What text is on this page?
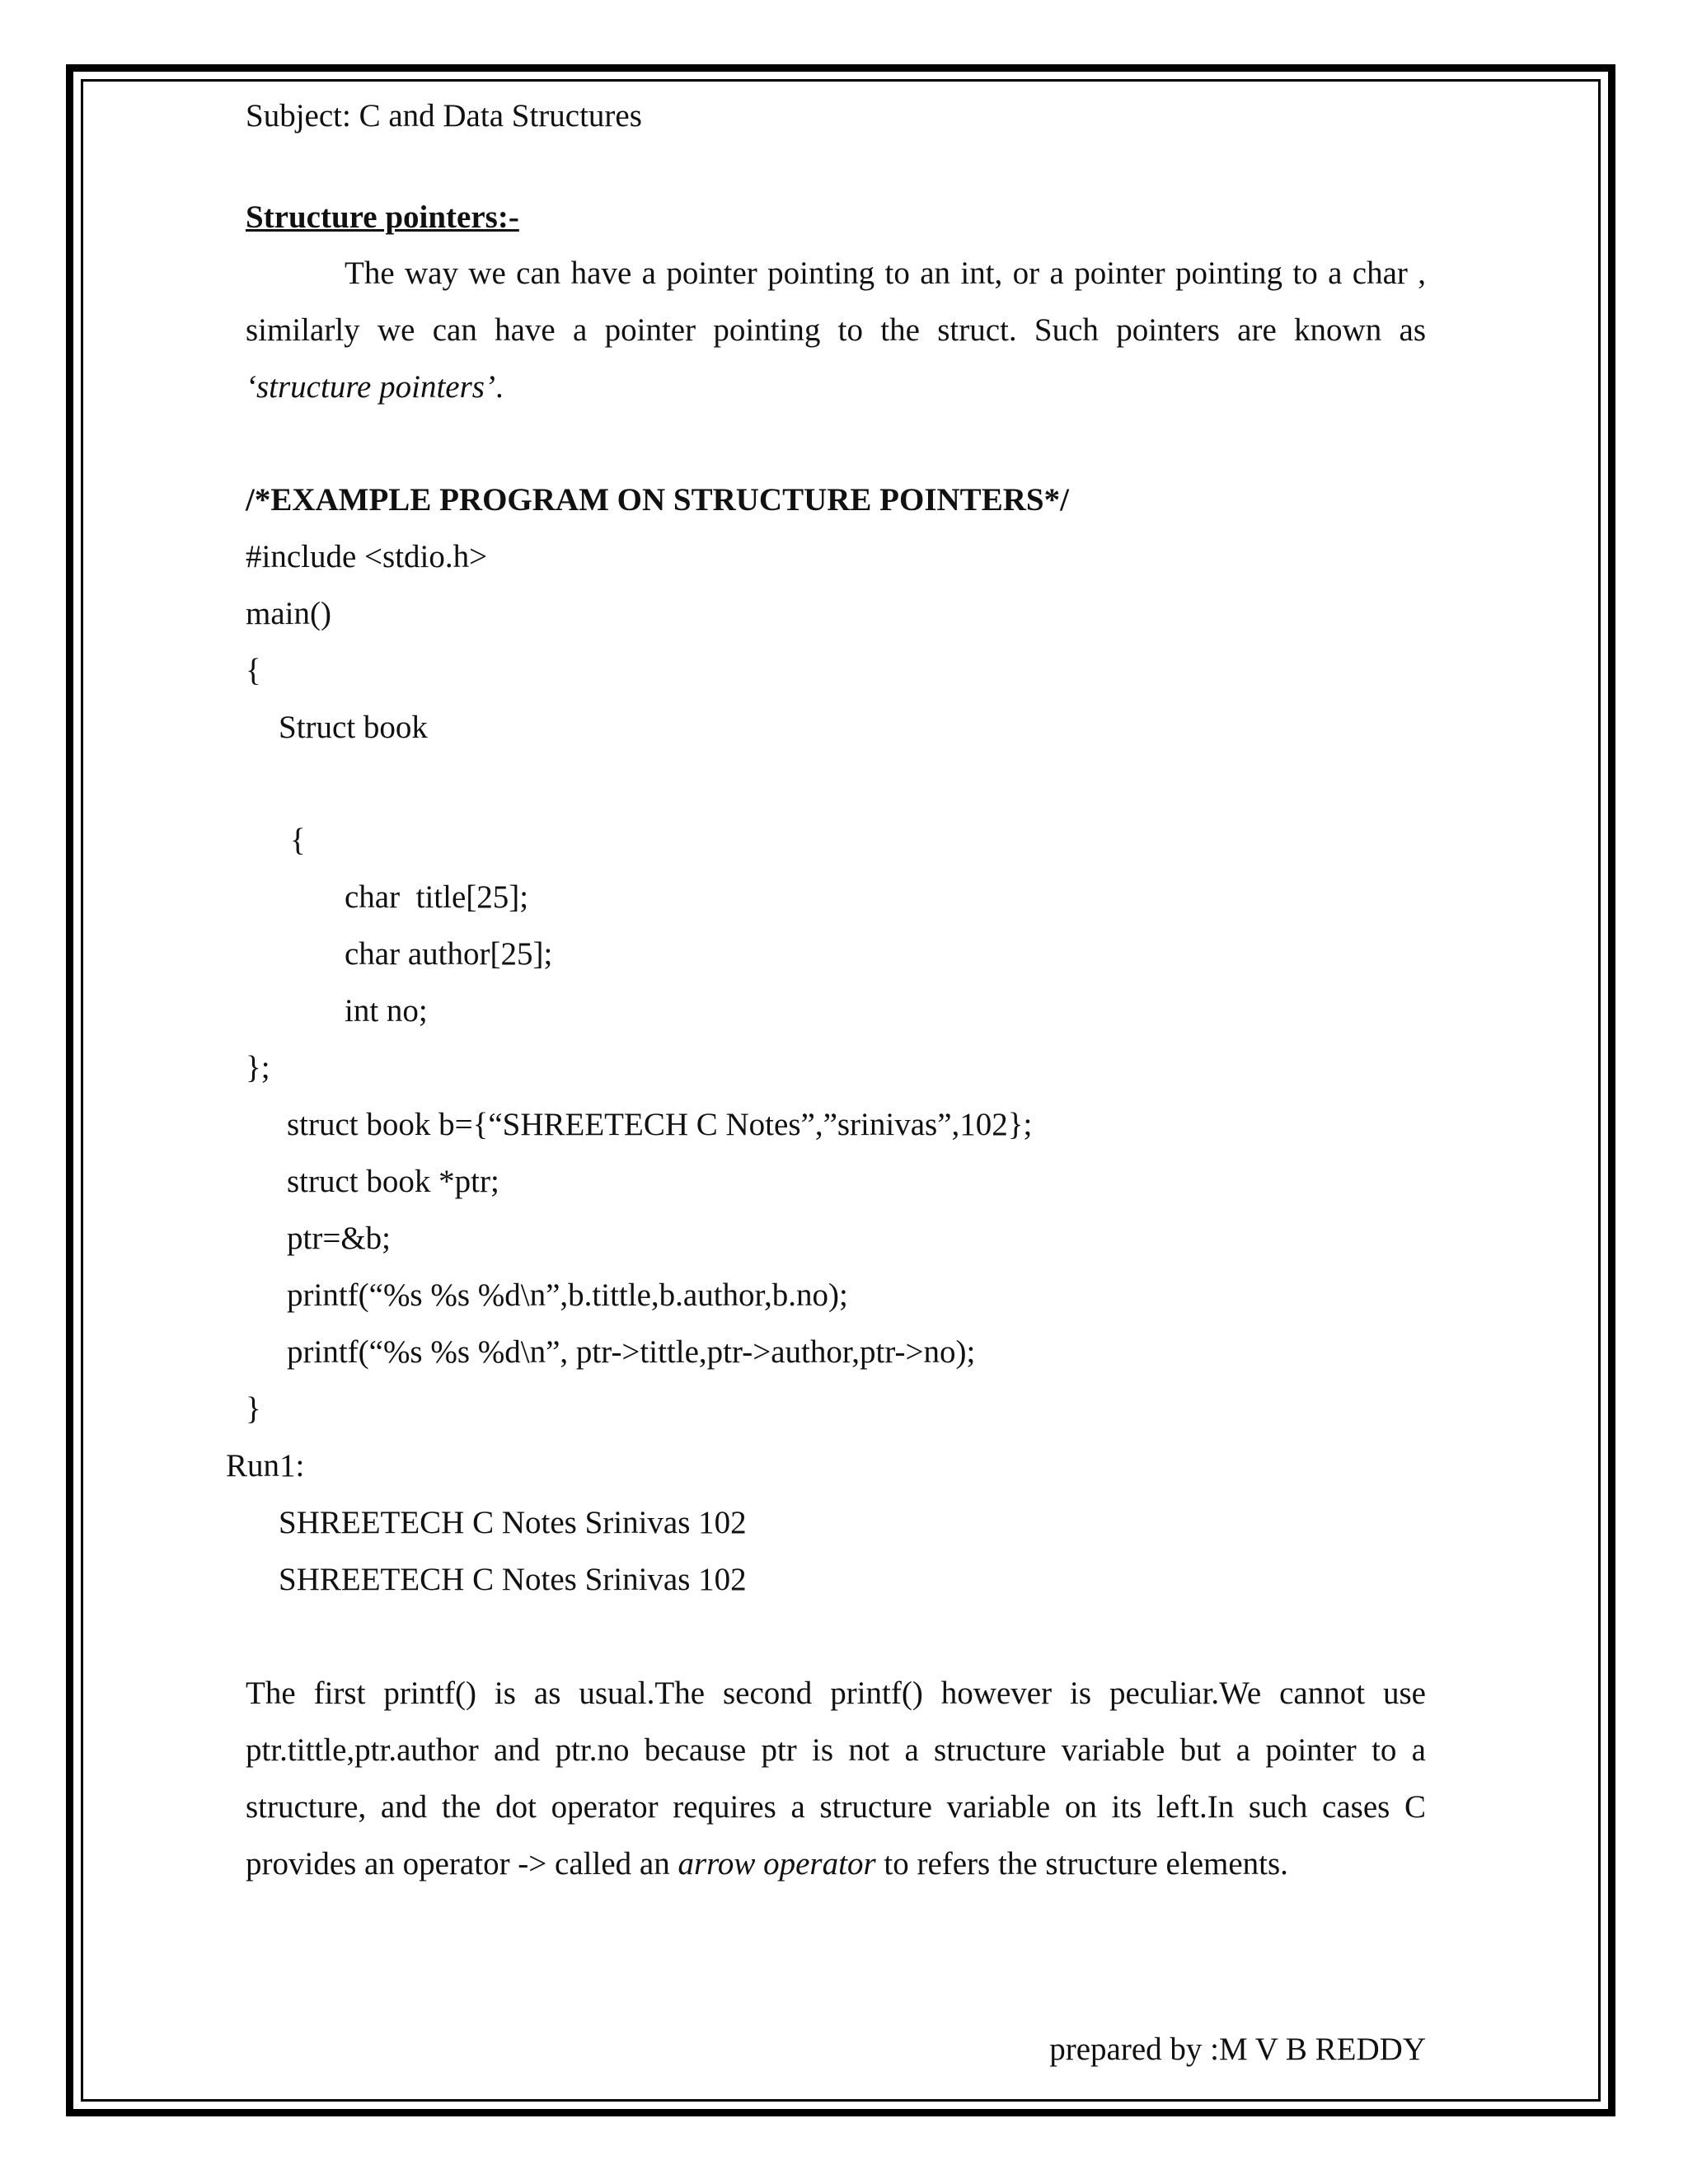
Subject: C and Data Structures
Structure pointers:-
The way we can have a pointer pointing to an int, or a pointer pointing to a char ,
similarly we can have a pointer pointing to the struct. Such pointers are known as
‘structure pointers’.
/*EXAMPLE PROGRAM ON STRUCTURE POINTERS*/
#include <stdio.h>
main()
{
Struct book
{
char  title[25];
char author[25];
int no;
};
struct book b={“SHREETECH C Notes”,”srinivas”,102};
struct book *ptr;
ptr=&b;
printf(“%s %s %d\n”,b.tittle,b.author,b.no);
printf(“%s %s %d\n”, ptr->tittle,ptr->author,ptr->no);
}
Run1:
SHREETECH C Notes Srinivas 102
SHREETECH C Notes Srinivas 102
The first printf() is as usual.The second printf() however is peculiar.We cannot use
ptr.tittle,ptr.author and ptr.no because ptr is not a structure variable but a pointer to a
structure, and the dot operator requires a structure variable on its left.In such cases C
provides an operator -> called an arrow operator to refers the structure elements.
prepared by :M V B REDDY
